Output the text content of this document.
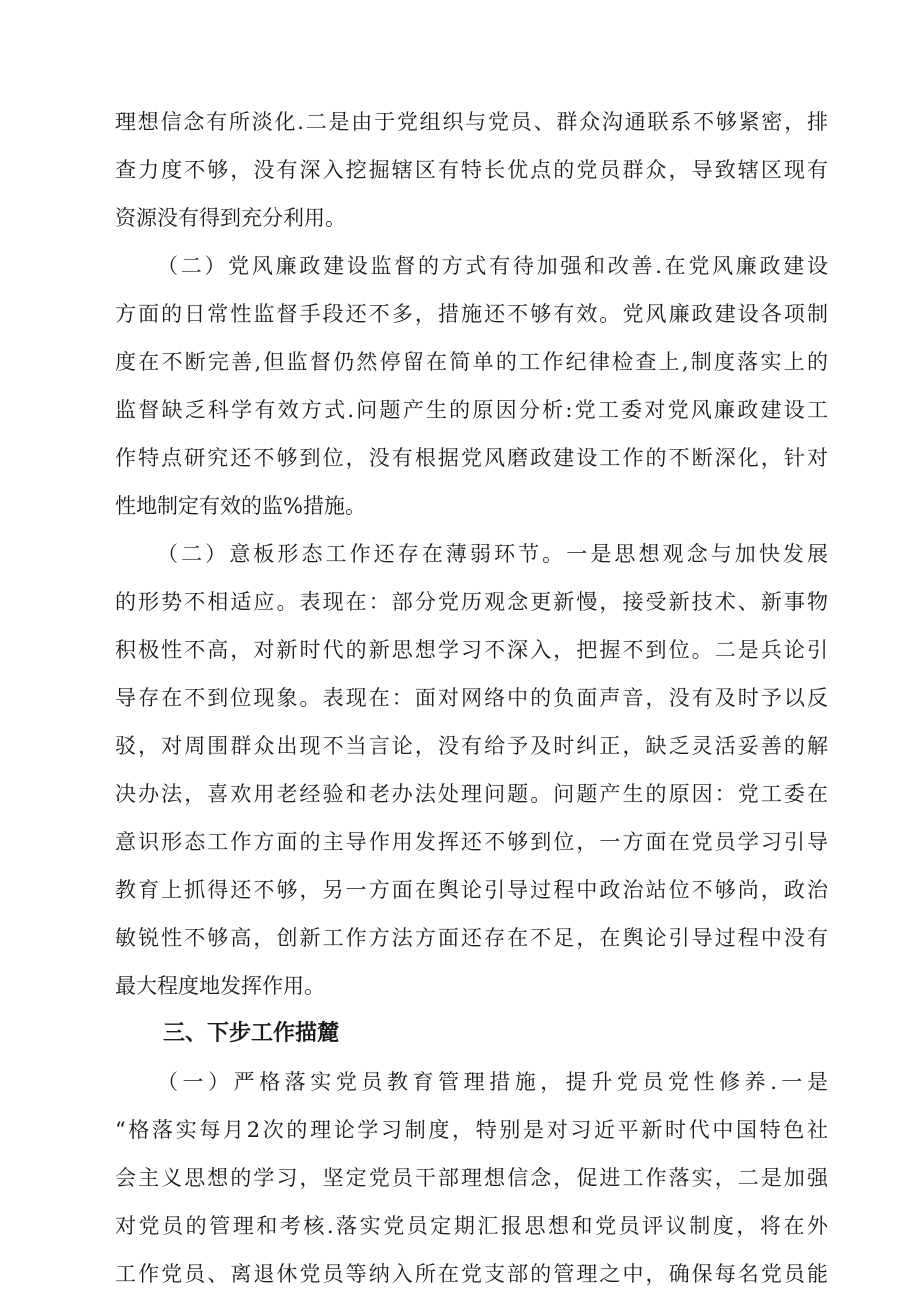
理想信念有所淡化.二是由于党组织与党员、群众沟通联系不够紧密，排
查力度不够，没有深入挖掘辖区有特长优点的党员群众，导致辖区现有
资源没有得到充分利用。
（二）党风廉政建设监督的方式有待加强和改善.在党风廉政建设
方面的日常性监督手段还不多，措施还不够有效。党风廉政建设各项制
度在不断完善,但监督仍然停留在简单的工作纪律检查上,制度落实上的
监督缺乏科学有效方式.问题产生的原因分析:党工委对党风廉政建设工
作特点研究还不够到位，没有根据党风磨政建设工作的不断深化，针对
性地制定有效的监%措施。
（二）意板形态工作还存在薄弱环节。一是思想观念与加快发展
的形势不相适应。表现在：部分党历观念更新慢，接受新技术、新事物
积极性不高，对新时代的新思想学习不深入，把握不到位。二是兵论引
导存在不到位现象。表现在：面对网络中的负面声音，没有及时予以反
驳，对周围群众出现不当言论，没有给予及时纠正，缺乏灵活妥善的解
决办法，喜欢用老经验和老办法处理问题。问题产生的原因：党工委在
意识形态工作方面的主导作用发挥还不够到位，一方面在党员学习引导
教育上抓得还不够，另一方面在舆论引导过程中政治站位不够尚，政治
敏锐性不够高，创新工作方法方面还存在不足，在舆论引导过程中没有
最大程度地发挥作用。
三、下步工作描麓
（一）严格落实党员教育管理措施，提升党员党性修养.一是
“格落实每月2次的理论学习制度，特别是对习近平新时代中国特色社
会主义思想的学习，坚定党员干部理想信念，促进工作落实，二是加强
对党员的管理和考核.落实党员定期汇报思想和党员评议制度，将在外
工作党员、离退休党员等纳入所在党支部的管理之中，确保每名党员能
